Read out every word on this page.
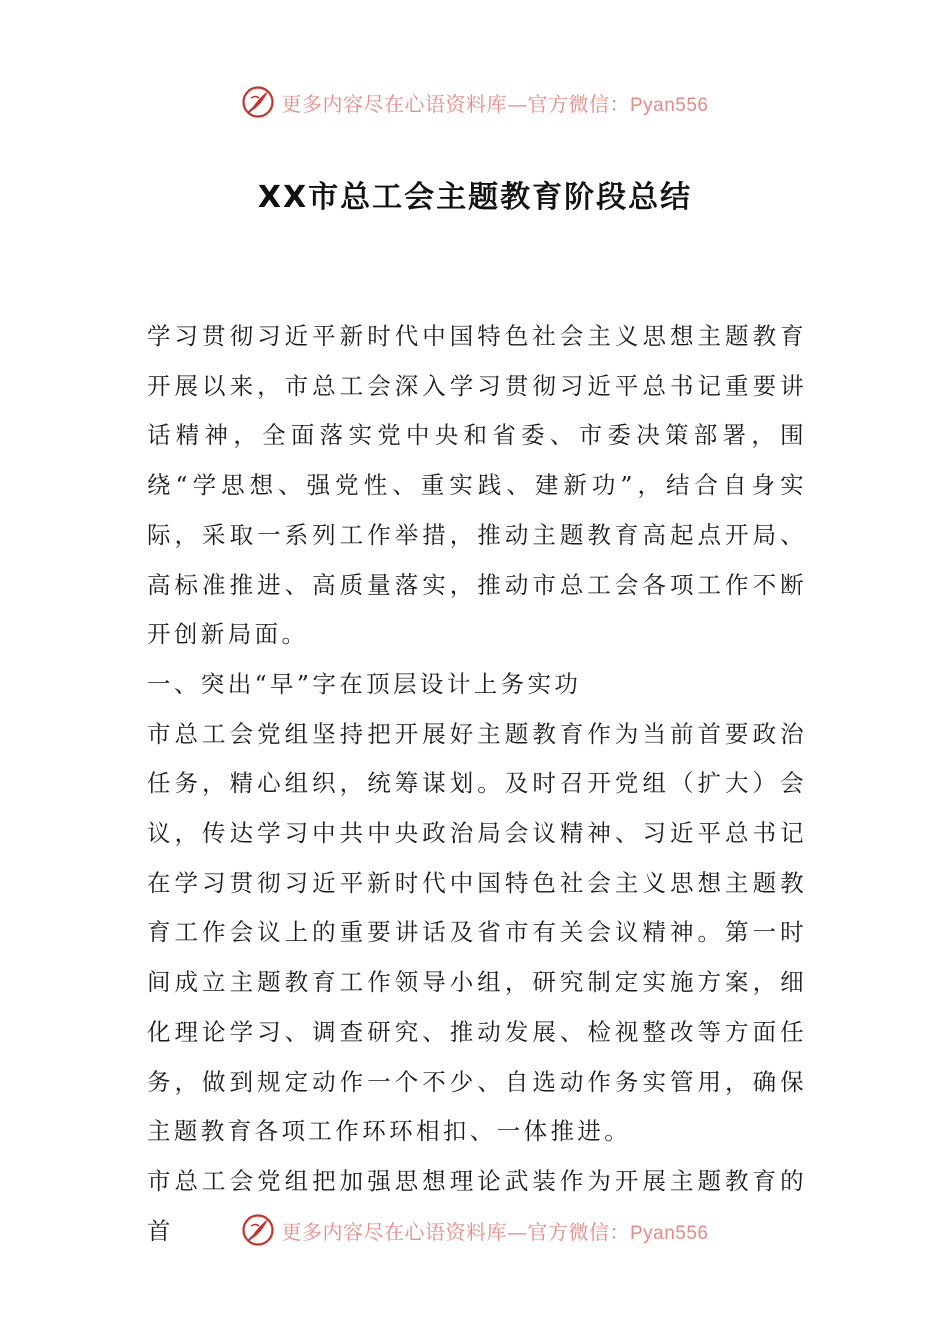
更多内容尽在心语资料库—官方微信：Pyan556
XX市总工会主题教育阶段总结

学习贯彻习近平新时代中国特色社会主义思想主题教育开展以来，市总工会深入学习贯彻习近平总书记重要讲话精神，全面落实党中央和省委、市委决策部署，围绕“学思想、强党性、重实践、建新功”，结合自身实际，采取一系列工作举措，推动主题教育高起点开局、高标准推进、高质量落实，推动市总工会各项工作不断开创新局面。

一、突出“早”字在顶层设计上务实功

市总工会党组坚持把开展好主题教育作为当前首要政治任务，精心组织，统筹谋划。及时召开党组（扩大）会议，传达学习中共中央政治局会议精神、习近平总书记在学习贯彻习近平新时代中国特色社会主义思想主题教育工作会议上的重要讲话及省市有关会议精神。第一时间成立主题教育工作领导小组，研究制定实施方案，细化理论学习、调查研究、推动发展、检视整改等方面任务，做到规定动作一个不少、自选动作务实管用，确保主题教育各项工作环环相扣、一体推进。

市总工会党组把加强思想理论武装作为开展主题教育的首	更多内容尽在心语资料库—官方微信：Pyan556
